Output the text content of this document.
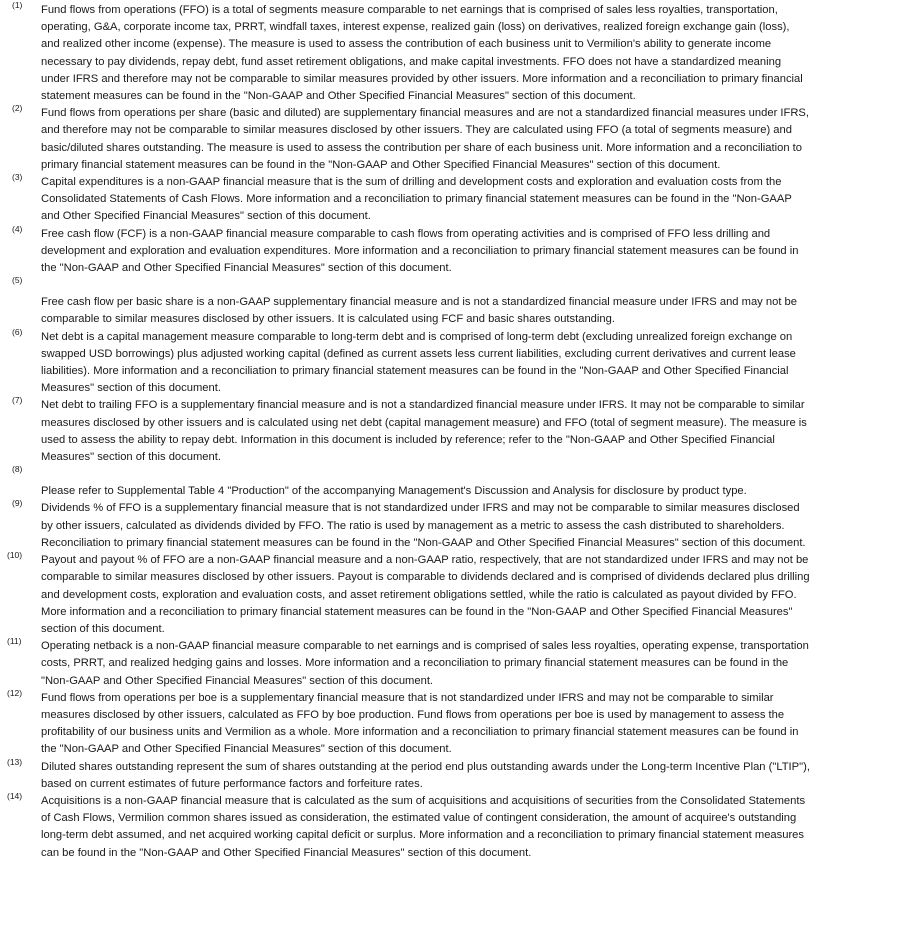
(1) Fund flows from operations (FFO) is a total of segments measure comparable to net earnings that is comprised of sales less royalties, transportation, operating, G&A, corporate income tax, PRRT, windfall taxes, interest expense, realized gain (loss) on derivatives, realized foreign exchange gain (loss), and realized other income (expense). The measure is used to assess the contribution of each business unit to Vermilion's ability to generate income necessary to pay dividends, repay debt, fund asset retirement obligations, and make capital investments. FFO does not have a standardized meaning under IFRS and therefore may not be comparable to similar measures provided by other issuers. More information and a reconciliation to primary financial statement measures can be found in the "Non-GAAP and Other Specified Financial Measures" section of this document.

(2) Fund flows from operations per share (basic and diluted) are supplementary financial measures and are not a standardized financial measures under IFRS, and therefore may not be comparable to similar measures disclosed by other issuers. They are calculated using FFO (a total of segments measure) and basic/diluted shares outstanding. The measure is used to assess the contribution per share of each business unit. More information and a reconciliation to primary financial statement measures can be found in the "Non-GAAP and Other Specified Financial Measures" section of this document.

(3) Capital expenditures is a non-GAAP financial measure that is the sum of drilling and development costs and exploration and evaluation costs from the Consolidated Statements of Cash Flows. More information and a reconciliation to primary financial statement measures can be found in the "Non-GAAP and Other Specified Financial Measures" section of this document.

(4) Free cash flow (FCF) is a non-GAAP financial measure comparable to cash flows from operating activities and is comprised of FFO less drilling and development and exploration and evaluation expenditures. More information and a reconciliation to primary financial statement measures can be found in the "Non-GAAP and Other Specified Financial Measures" section of this document.

(5)

Free cash flow per basic share is a non-GAAP supplementary financial measure and is not a standardized financial measure under IFRS and may not be comparable to similar measures disclosed by other issuers. It is calculated using FCF and basic shares outstanding.

(6) Net debt is a capital management measure comparable to long-term debt and is comprised of long-term debt (excluding unrealized foreign exchange on swapped USD borrowings) plus adjusted working capital (defined as current assets less current liabilities, excluding current derivatives and current lease liabilities). More information and a reconciliation to primary financial statement measures can be found in the "Non-GAAP and Other Specified Financial Measures" section of this document.

(7) Net debt to trailing FFO is a supplementary financial measure and is not a standardized financial measure under IFRS. It may not be comparable to similar measures disclosed by other issuers and is calculated using net debt (capital management measure) and FFO (total of segment measure). The measure is used to assess the ability to repay debt. Information in this document is included by reference; refer to the "Non-GAAP and Other Specified Financial Measures" section of this document.

(8)

Please refer to Supplemental Table 4 "Production" of the accompanying Management's Discussion and Analysis for disclosure by product type.

(9) Dividends % of FFO is a supplementary financial measure that is not standardized under IFRS and may not be comparable to similar measures disclosed by other issuers, calculated as dividends divided by FFO. The ratio is used by management as a metric to assess the cash distributed to shareholders. Reconciliation to primary financial statement measures can be found in the "Non-GAAP and Other Specified Financial Measures" section of this document.

(10) Payout and payout % of FFO are a non-GAAP financial measure and a non-GAAP ratio, respectively, that are not standardized under IFRS and may not be comparable to similar measures disclosed by other issuers. Payout is comparable to dividends declared and is comprised of dividends declared plus drilling and development costs, exploration and evaluation costs, and asset retirement obligations settled, while the ratio is calculated as payout divided by FFO. More information and a reconciliation to primary financial statement measures can be found in the "Non-GAAP and Other Specified Financial Measures" section of this document.

(11) Operating netback is a non-GAAP financial measure comparable to net earnings and is comprised of sales less royalties, operating expense, transportation costs, PRRT, and realized hedging gains and losses. More information and a reconciliation to primary financial statement measures can be found in the "Non-GAAP and Other Specified Financial Measures" section of this document.

(12) Fund flows from operations per boe is a supplementary financial measure that is not standardized under IFRS and may not be comparable to similar measures disclosed by other issuers, calculated as FFO by boe production. Fund flows from operations per boe is used by management to assess the profitability of our business units and Vermilion as a whole. More information and a reconciliation to primary financial statement measures can be found in the "Non-GAAP and Other Specified Financial Measures" section of this document.

(13) Diluted shares outstanding represent the sum of shares outstanding at the period end plus outstanding awards under the Long-term Incentive Plan ("LTIP"), based on current estimates of future performance factors and forfeiture rates.

(14) Acquisitions is a non-GAAP financial measure that is calculated as the sum of acquisitions and acquisitions of securities from the Consolidated Statements of Cash Flows, Vermilion common shares issued as consideration, the estimated value of contingent consideration, the amount of acquiree's outstanding long-term debt assumed, and net acquired working capital deficit or surplus. More information and a reconciliation to primary financial statement measures can be found in the "Non-GAAP and Other Specified Financial Measures" section of this document.
